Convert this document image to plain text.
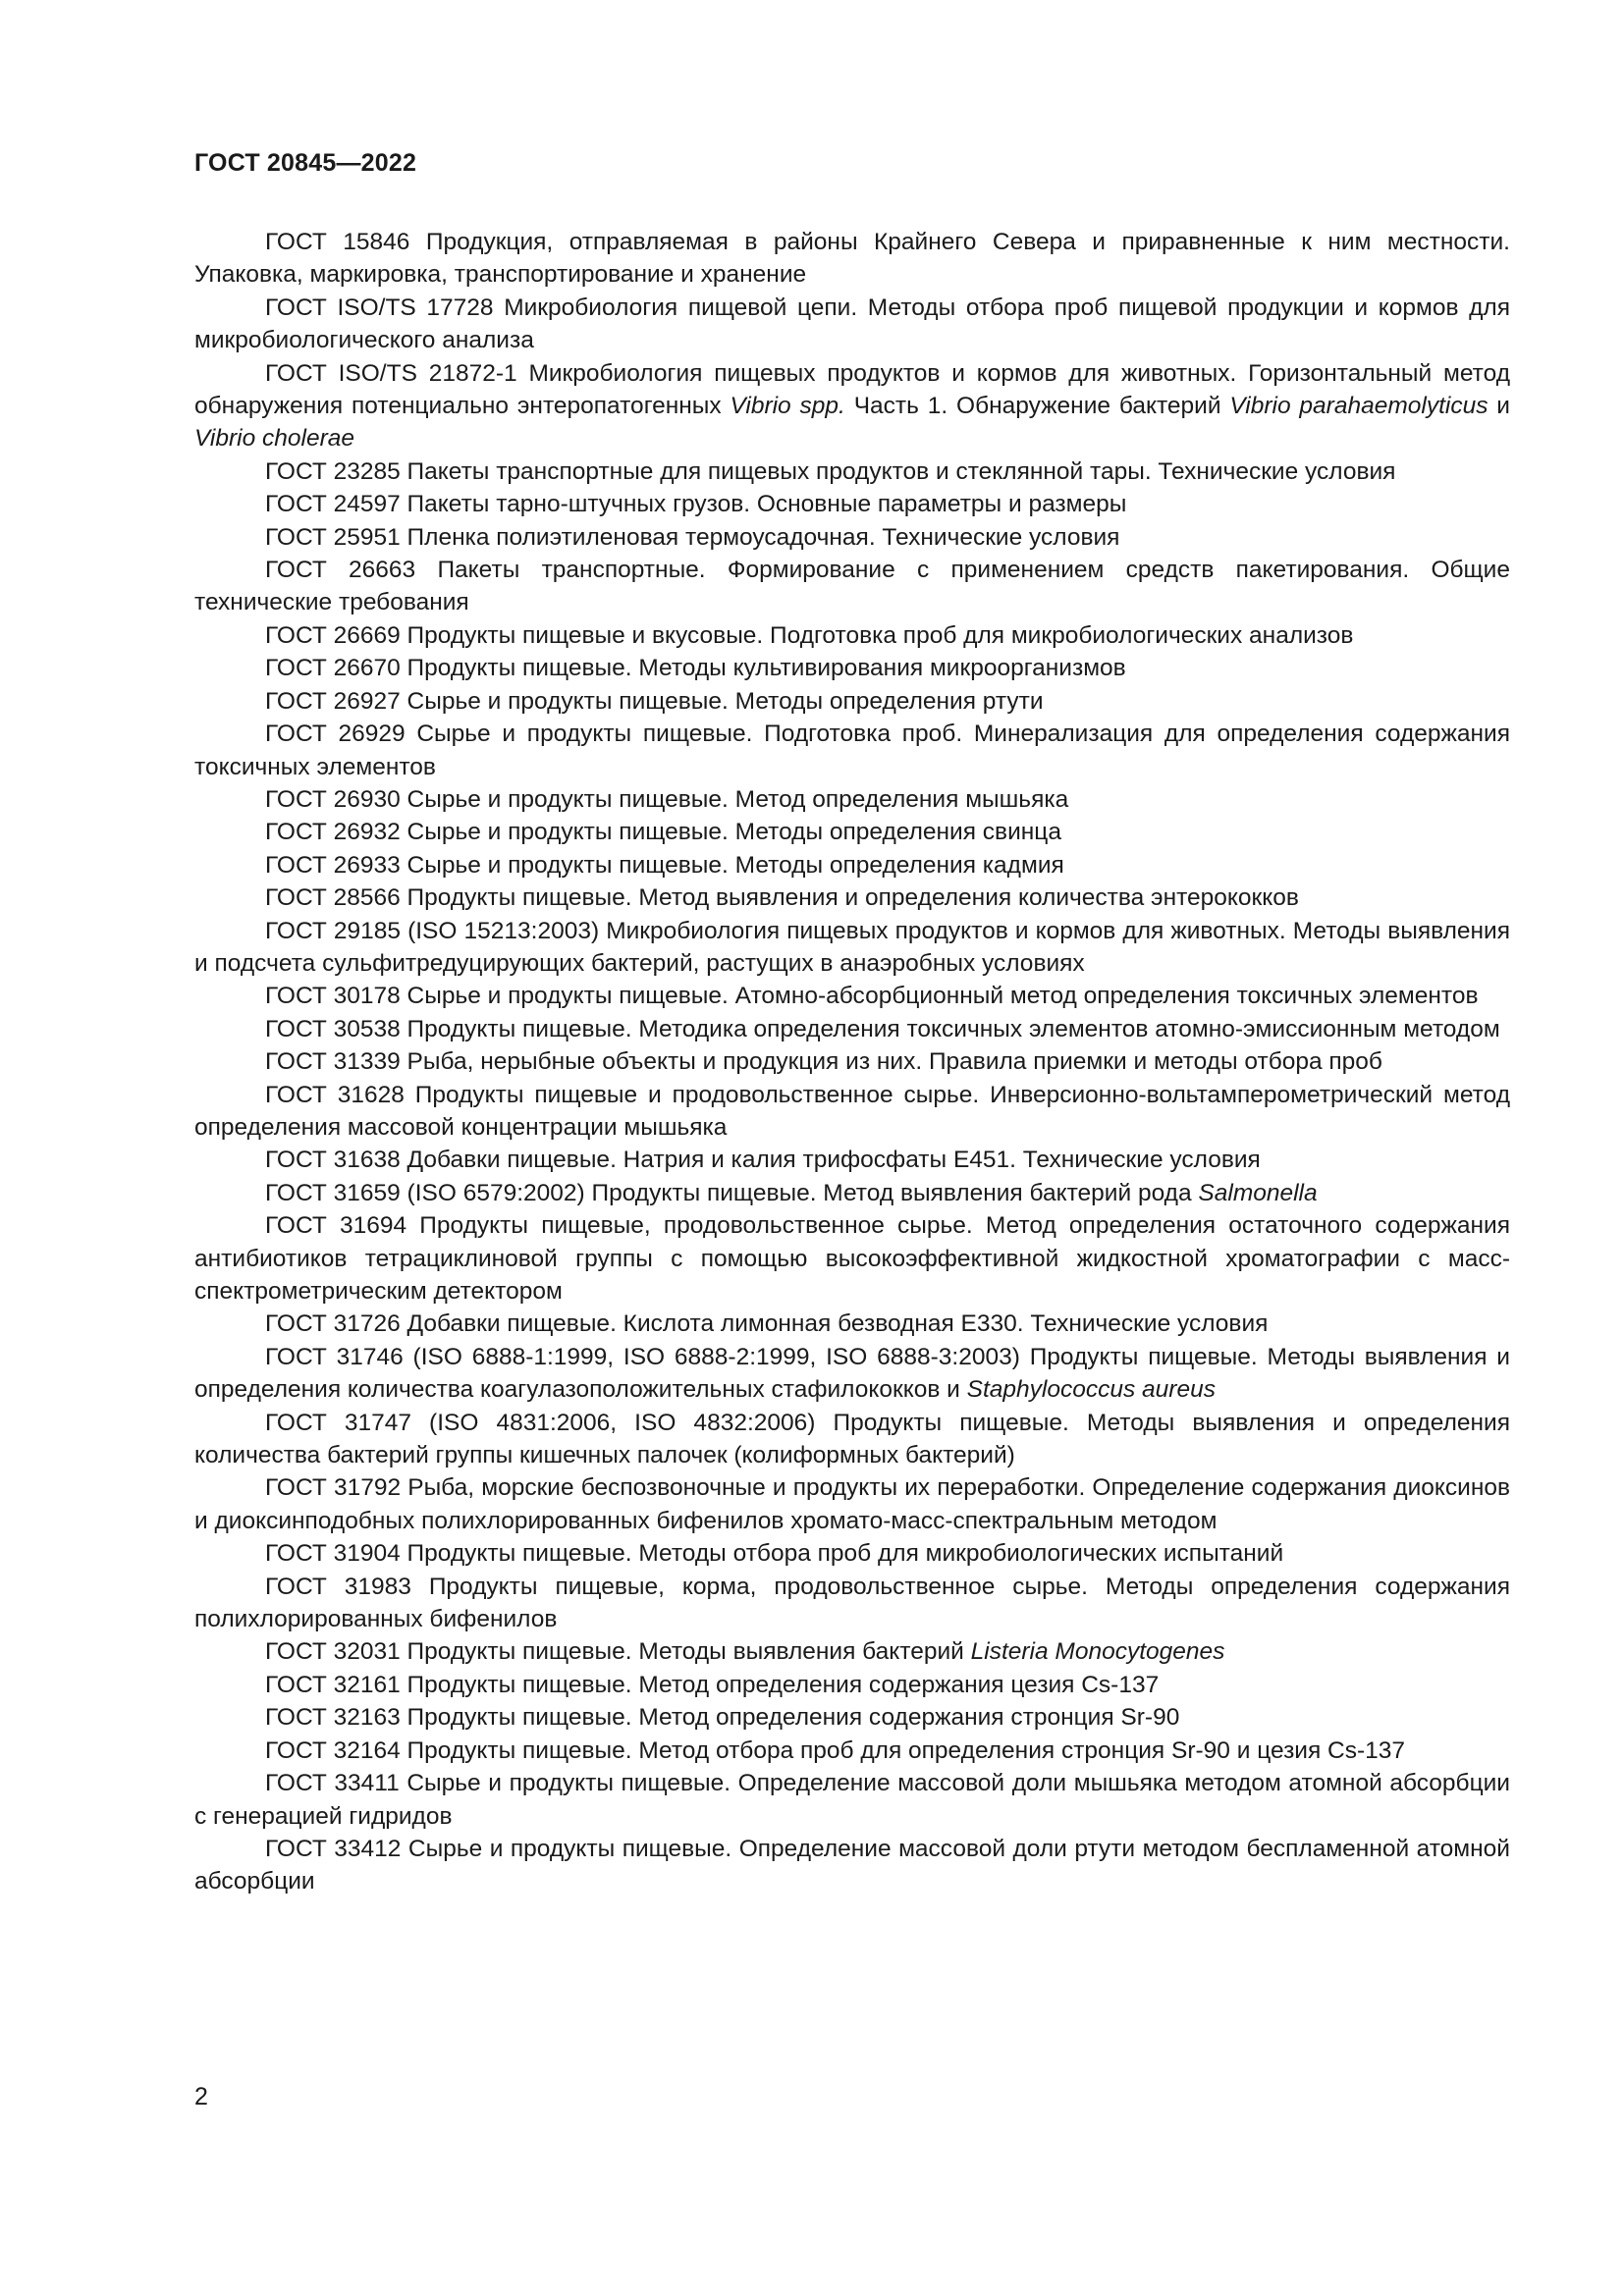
ГОСТ 20845—2022

ГОСТ 15846 Продукция, отправляемая в районы Крайнего Севера и приравненные к ним местности. Упаковка, маркировка, транспортирование и хранение

ГОСТ ISO/TS 17728 Микробиология пищевой цепи. Методы отбора проб пищевой продукции и кормов для микробиологического анализа

ГОСТ ISO/TS 21872-1 Микробиология пищевых продуктов и кормов для животных. Горизонтальный метод обнаружения потенциально энтеропатогенных Vibrio spp. Часть 1. Обнаружение бактерий Vibrio parahaemolyticus и Vibrio cholerae

ГОСТ 23285 Пакеты транспортные для пищевых продуктов и стеклянной тары. Технические условия

ГОСТ 24597 Пакеты тарно-штучных грузов. Основные параметры и размеры

ГОСТ 25951 Пленка полиэтиленовая термоусадочная. Технические условия

ГОСТ 26663 Пакеты транспортные. Формирование с применением средств пакетирования. Общие технические требования

ГОСТ 26669 Продукты пищевые и вкусовые. Подготовка проб для микробиологических анализов

ГОСТ 26670 Продукты пищевые. Методы культивирования микроорганизмов

ГОСТ 26927 Сырье и продукты пищевые. Методы определения ртути

ГОСТ 26929 Сырье и продукты пищевые. Подготовка проб. Минерализация для определения содержания токсичных элементов

ГОСТ 26930 Сырье и продукты пищевые. Метод определения мышьяка

ГОСТ 26932 Сырье и продукты пищевые. Методы определения свинца

ГОСТ 26933 Сырье и продукты пищевые. Методы определения кадмия

ГОСТ 28566 Продукты пищевые. Метод выявления и определения количества энтерококков

ГОСТ 29185 (ISO 15213:2003) Микробиология пищевых продуктов и кормов для животных. Методы выявления и подсчета сульфитредуцирующих бактерий, растущих в анаэробных условиях

ГОСТ 30178 Сырье и продукты пищевые. Атомно-абсорбционный метод определения токсичных элементов

ГОСТ 30538 Продукты пищевые. Методика определения токсичных элементов атомно-эмиссионным методом

ГОСТ 31339 Рыба, нерыбные объекты и продукция из них. Правила приемки и методы отбора проб

ГОСТ 31628 Продукты пищевые и продовольственное сырье. Инверсионно-вольтамперометрический метод определения массовой концентрации мышьяка

ГОСТ 31638 Добавки пищевые. Натрия и калия трифосфаты Е451. Технические условия

ГОСТ 31659 (ISO 6579:2002) Продукты пищевые. Метод выявления бактерий рода Salmonella

ГОСТ 31694 Продукты пищевые, продовольственное сырье. Метод определения остаточного содержания антибиотиков тетрациклиновой группы с помощью высокоэффективной жидкостной хроматографии с масс-спектрометрическим детектором

ГОСТ 31726 Добавки пищевые. Кислота лимонная безводная Е330. Технические условия

ГОСТ 31746 (ISO 6888-1:1999, ISO 6888-2:1999, ISO 6888-3:2003) Продукты пищевые. Методы выявления и определения количества коагулазоположительных стафилококков и Staphylococcus aureus

ГОСТ 31747 (ISO 4831:2006, ISO 4832:2006) Продукты пищевые. Методы выявления и определения количества бактерий группы кишечных палочек (колиформных бактерий)

ГОСТ 31792 Рыба, морские беспозвоночные и продукты их переработки. Определение содержания диоксинов и диоксинподобных полихлорированных бифенилов хромато-масс-спектральным методом

ГОСТ 31904 Продукты пищевые. Методы отбора проб для микробиологических испытаний

ГОСТ 31983 Продукты пищевые, корма, продовольственное сырье. Методы определения содержания полихлорированных бифенилов

ГОСТ 32031 Продукты пищевые. Методы выявления бактерий Listeria Monocytogenes

ГОСТ 32161 Продукты пищевые. Метод определения содержания цезия Cs-137

ГОСТ 32163 Продукты пищевые. Метод определения содержания стронция Sr-90

ГОСТ 32164 Продукты пищевые. Метод отбора проб для определения стронция Sr-90 и цезия Cs-137

ГОСТ 33411 Сырье и продукты пищевые. Определение массовой доли мышьяка методом атомной абсорбции с генерацией гидридов

ГОСТ 33412 Сырье и продукты пищевые. Определение массовой доли ртути методом беспламенной атомной абсорбции

2
